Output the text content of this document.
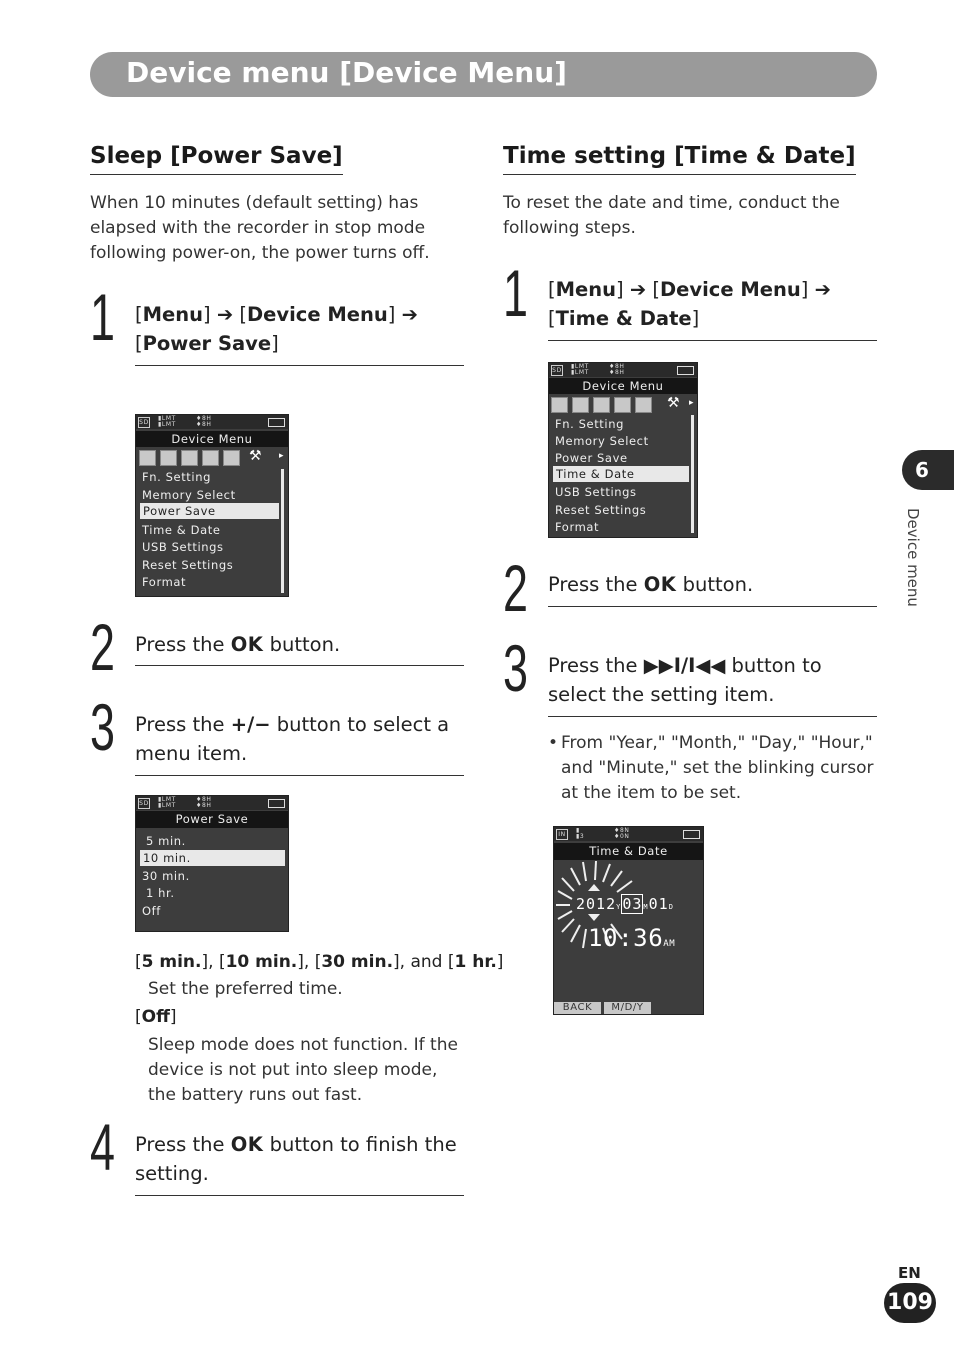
Device menu [Device Menu]
Sleep [Power Save]
When 10 minutes (default setting) has elapsed with the recorder in stop mode following power-on, the power turns off.
1 [Menu] ➔ [Device Menu] ➔
[Power Save]
SD
▮LMT
▮LMT
♦8H
♦8H
Device Menu
⚒ ▸
Fn. Setting
Memory Select
Power Save
Time & Date
USB Settings
Reset Settings
Format
2 Press the OK button.
3 Press the +/− button to select a menu item.
SD
▮LMT
▮LMT
♦8H
♦8H
Power Save
5 min.
10 min.
30 min.
1 hr.
Off
[5 min.], [10 min.], [30 min.], and [1 hr.]
Set the preferred time.
[Off]
Sleep mode does not function. If the device is not put into sleep mode, the battery runs out fast.
4 Press the OK button to finish the setting.
Time setting [Time & Date]
To reset the date and time, conduct the following steps.
1 [Menu] ➔ [Device Menu] ➔
[Time & Date]
SD
▮LMT
▮LMT
♦8H
♦8H
Device Menu
⚒ ▸
Fn. Setting
Memory Select
Power Save
Time & Date
USB Settings
Reset Settings
Format
2 Press the OK button.
3 Press the ▶▶I/I◀◀ button to select the setting item.
• From "Year," "Month," "Day," "Hour," and "Minute," set the blinking cursor at the item to be set.
IN
▮
▮3
♦8N
♦0N
Time & Date
2012Y03M01D
10:36AM
BACK	M/D/Y
6
Device menu
EN
109
